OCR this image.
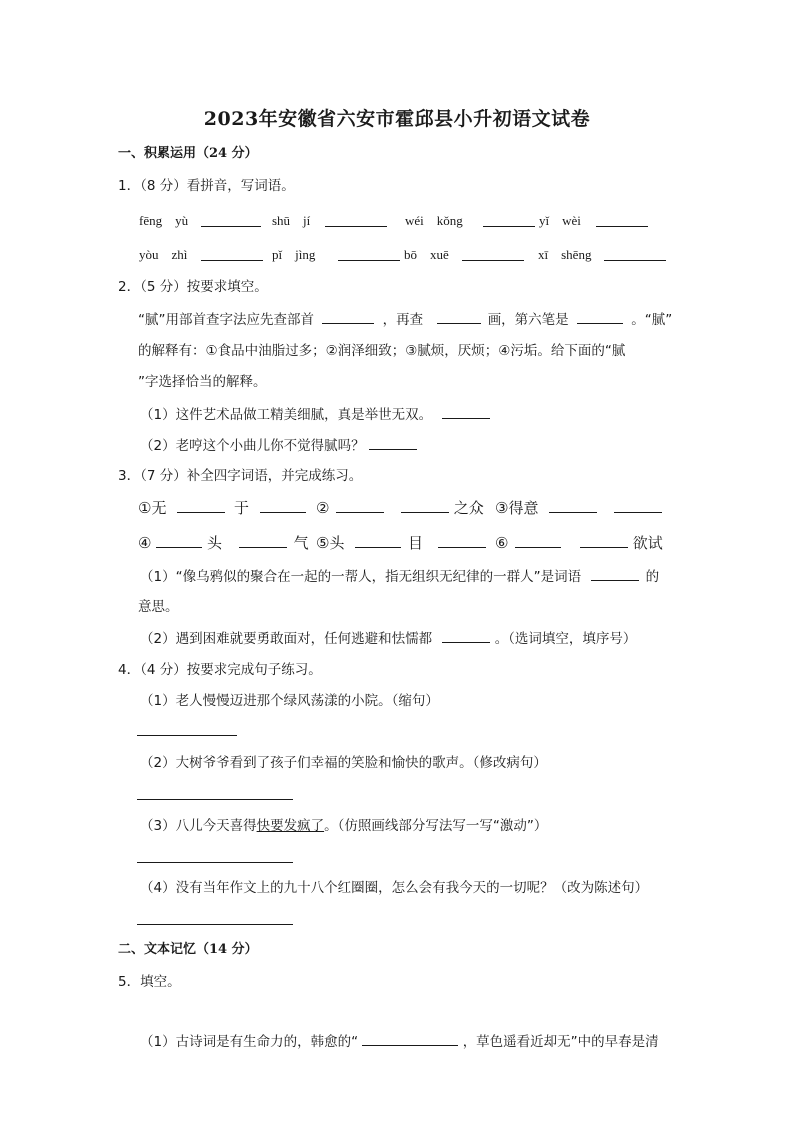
2023年安徽省六安市霍邱县小升初语文试卷
一、积累运用（24 分）
1．（8 分）看拼音，写词语。
fēng　yù	shū　jí	wéi　kǒng	yǐ　wèi
yòu　zhì	pǐ　jìng	bō　xuē	xī　shēng
2．（5 分）按要求填空。
“腻”用部首查字法应先查部首	，再查	画，第六笔是	。“腻”
的解释有：①食品中油脂过多；②润泽细致；③腻烦，厌烦；④污垢。给下面的“腻
”字选择恰当的解释。
（1）这件艺术品做工精美细腻，真是举世无双。
（2）老哼这个小曲儿你不觉得腻吗？
3．（7 分）补全四字词语，并完成练习。
①无	于	②	之众 ③得意
④	头	气 ⑤头	目	⑥	欲试
（1）“像乌鸦似的聚合在一起的一帮人，指无组织无纪律的一群人”是词语	的
意思。
（2）遇到困难就要勇敢面对，任何逃避和怯懦都	。（选词填空，填序号）
4．（4 分）按要求完成句子练习。
（1）老人慢慢迈进那个绿风荡漾的小院。（缩句）
（2）大树爷爷看到了孩子们幸福的笑脸和愉快的歌声。（修改病句）
（3）八儿今天喜得快要发疯了。（仿照画线部分写法写一写“激动”）
（4）没有当年作文上的九十八个红圈圈，怎么会有我今天的一切呢？（改为陈述句）
二、文本记忆（14 分）
5．填空。
（1）古诗词是有生命力的，韩愈的“	，草色遥看近却无”中的早春是清
